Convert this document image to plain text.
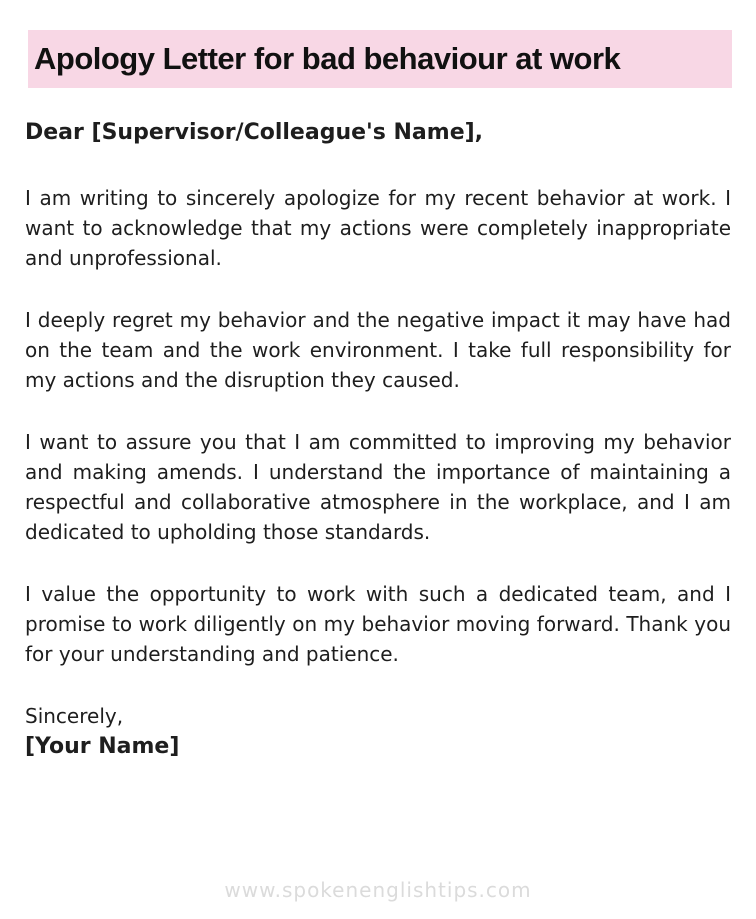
Apology Letter for bad behaviour at work

Dear [Supervisor/Colleague's Name],

I am writing to sincerely apologize for my recent behavior at work. I want to acknowledge that my actions were completely inappropriate and unprofessional.

I deeply regret my behavior and the negative impact it may have had on the team and the work environment. I take full responsibility for my actions and the disruption they caused.

I want to assure you that I am committed to improving my behavior and making amends. I understand the importance of maintaining a respectful and collaborative atmosphere in the workplace, and I am dedicated to upholding those standards.

I value the opportunity to work with such a dedicated team, and I promise to work diligently on my behavior moving forward. Thank you for your understanding and patience.

Sincerely,

[Your Name]

www.spokenenglishtips.com
